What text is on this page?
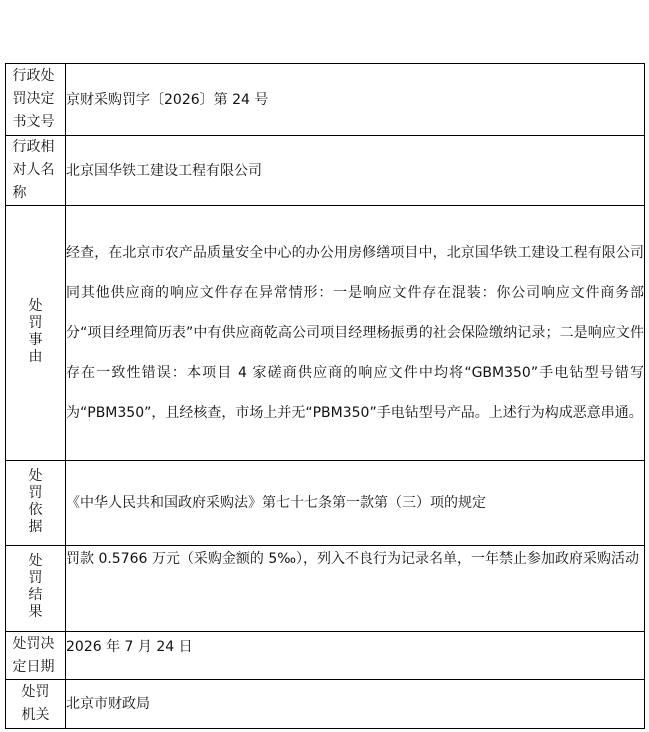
行政处罚决定书文号	京财采购罚字〔2026〕第 24 号
行政相对人名称	北京国华铁工建设工程有限公司
处罚事由	经查，在北京市农产品质量安全中心的办公用房修缮项目中，北京国华铁工建设工程有限公司同其他供应商的响应文件存在异常情形：一是响应文件存在混装：你公司响应文件商务部分“项目经理简历表”中有供应商乾高公司项目经理杨振勇的社会保险缴纳记录；二是响应文件存在一致性错误：本项目 4 家磋商供应商的响应文件中均将“GBM350”手电钻型号错写为“PBM350”，且经核查，市场上并无“PBM350”手电钻型号产品。上述行为构成恶意串通。
处罚依据	《中华人民共和国政府采购法》第七十七条第一款第（三）项的规定
处罚结果	罚款 0.5766 万元（采购金额的 5‰），列入不良行为记录名单，一年禁止参加政府采购活动
处罚决定日期	2026 年 7 月 24 日
处罚机关	北京市财政局
